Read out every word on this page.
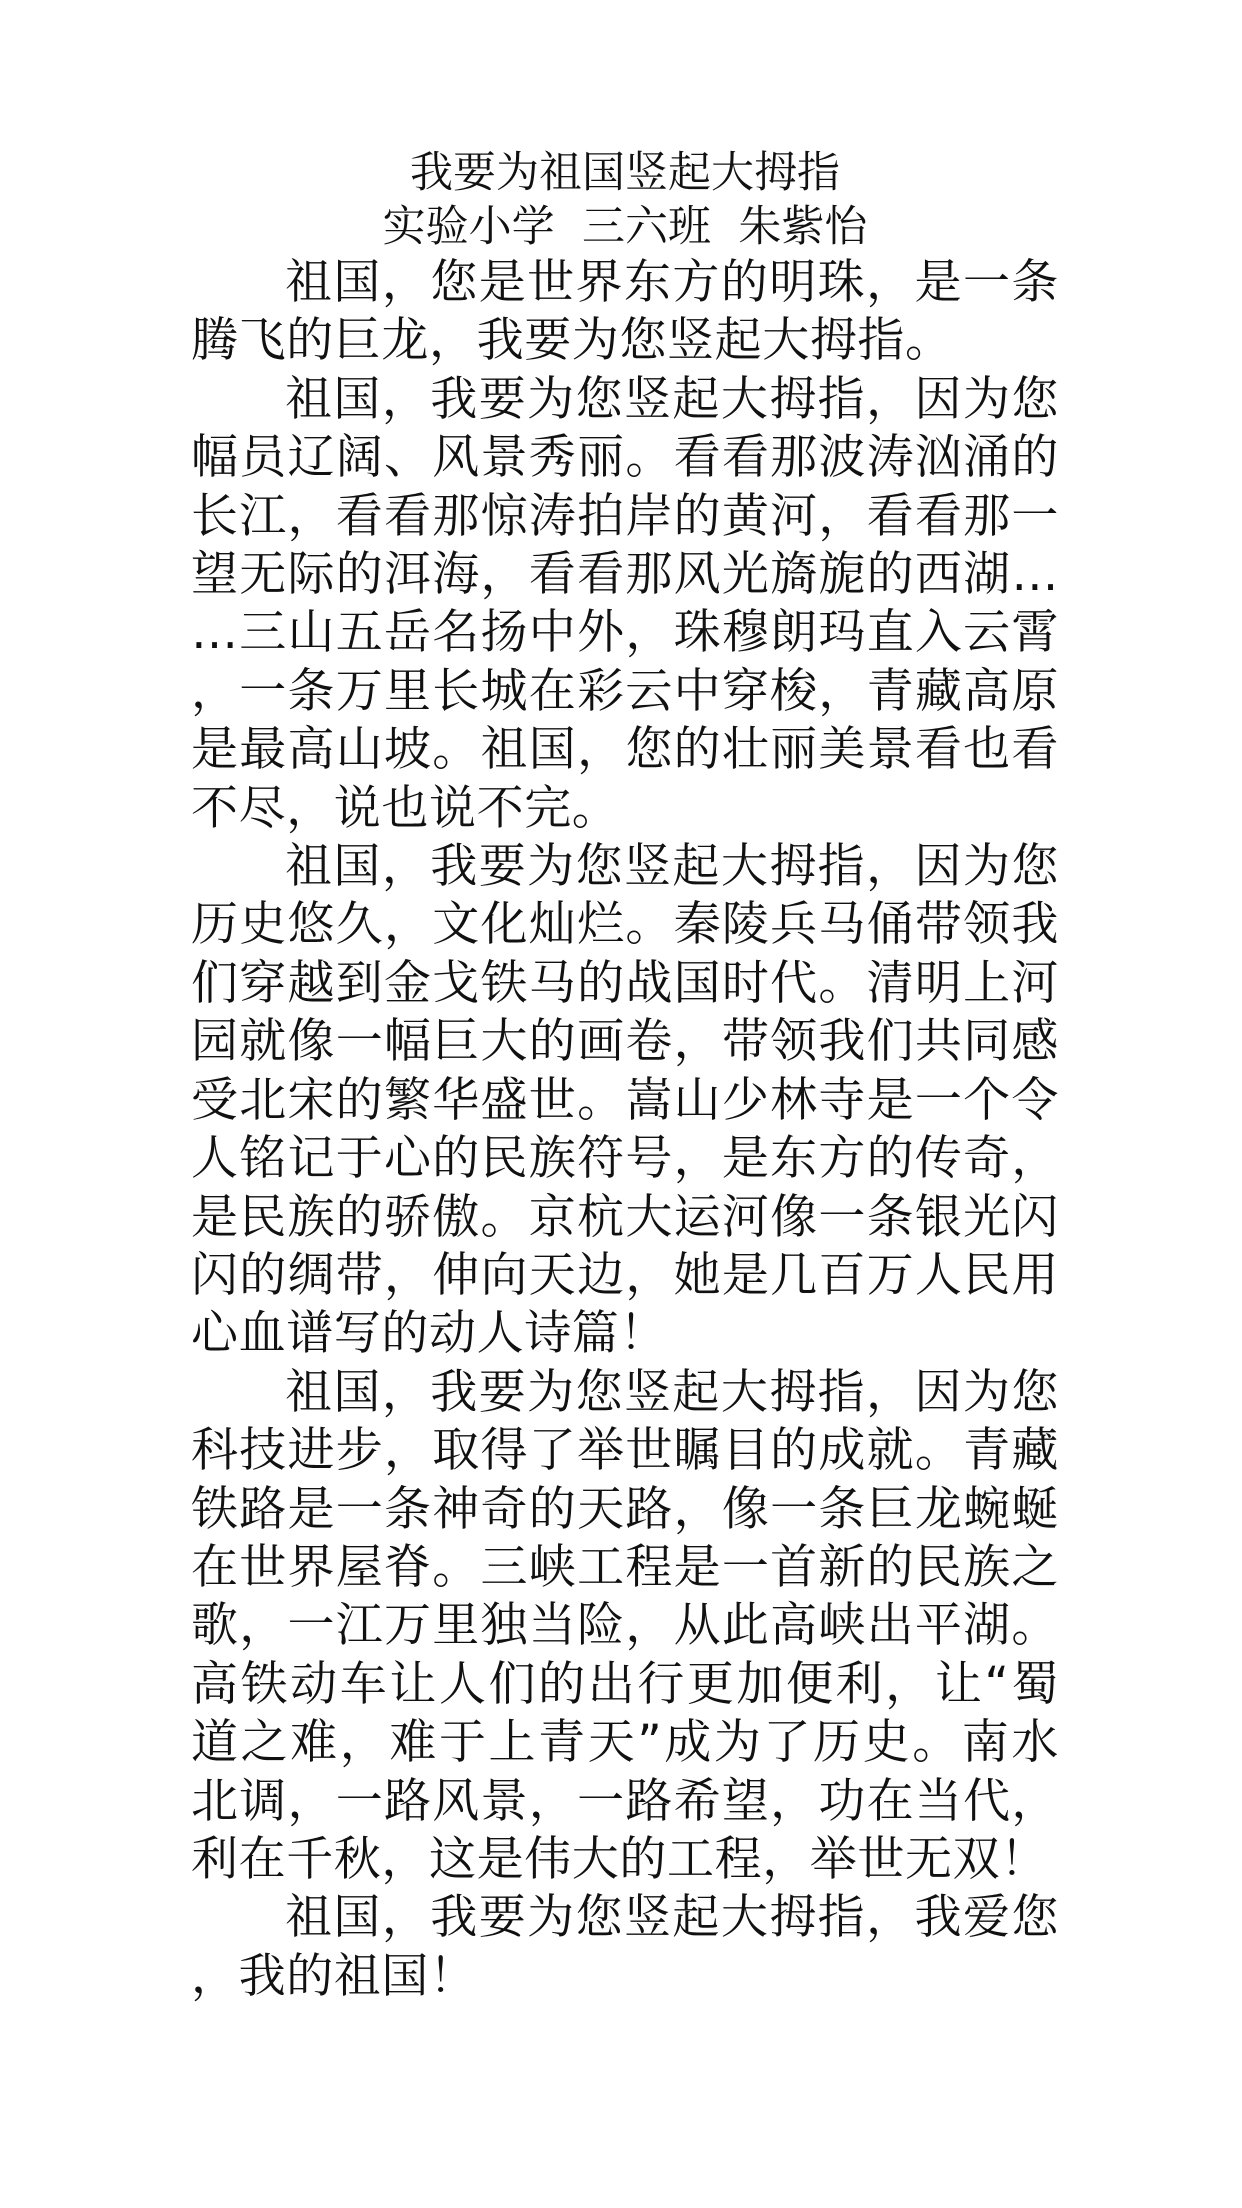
我要为祖国竖起大拇指

实验小学  三六班  朱紫怡

祖国，您是世界东方的明珠，是一条腾飞的巨龙，我要为您竖起大拇指。

祖国，我要为您竖起大拇指，因为您幅员辽阔、风景秀丽。看看那波涛汹涌的长江，看看那惊涛拍岸的黄河，看看那一望无际的洱海，看看那风光旖旎的西湖……三山五岳名扬中外，珠穆朗玛直入云霄，一条万里长城在彩云中穿梭，青藏高原是最高山坡。祖国，您的壮丽美景看也看不尽，说也说不完。

祖国，我要为您竖起大拇指，因为您历史悠久，文化灿烂。秦陵兵马俑带领我们穿越到金戈铁马的战国时代。清明上河园就像一幅巨大的画卷，带领我们共同感受北宋的繁华盛世。嵩山少林寺是一个令人铭记于心的民族符号，是东方的传奇，是民族的骄傲。京杭大运河像一条银光闪闪的绸带，伸向天边，她是几百万人民用心血谱写的动人诗篇！

祖国，我要为您竖起大拇指，因为您科技进步，取得了举世瞩目的成就。青藏铁路是一条神奇的天路，像一条巨龙蜿蜒在世界屋脊。三峡工程是一首新的民族之歌，一江万里独当险，从此高峡出平湖。高铁动车让人们的出行更加便利，让“蜀道之难，难于上青天”成为了历史。南水北调，一路风景，一路希望，功在当代，利在千秋，这是伟大的工程，举世无双！

祖国，我要为您竖起大拇指，我爱您，我的祖国！
